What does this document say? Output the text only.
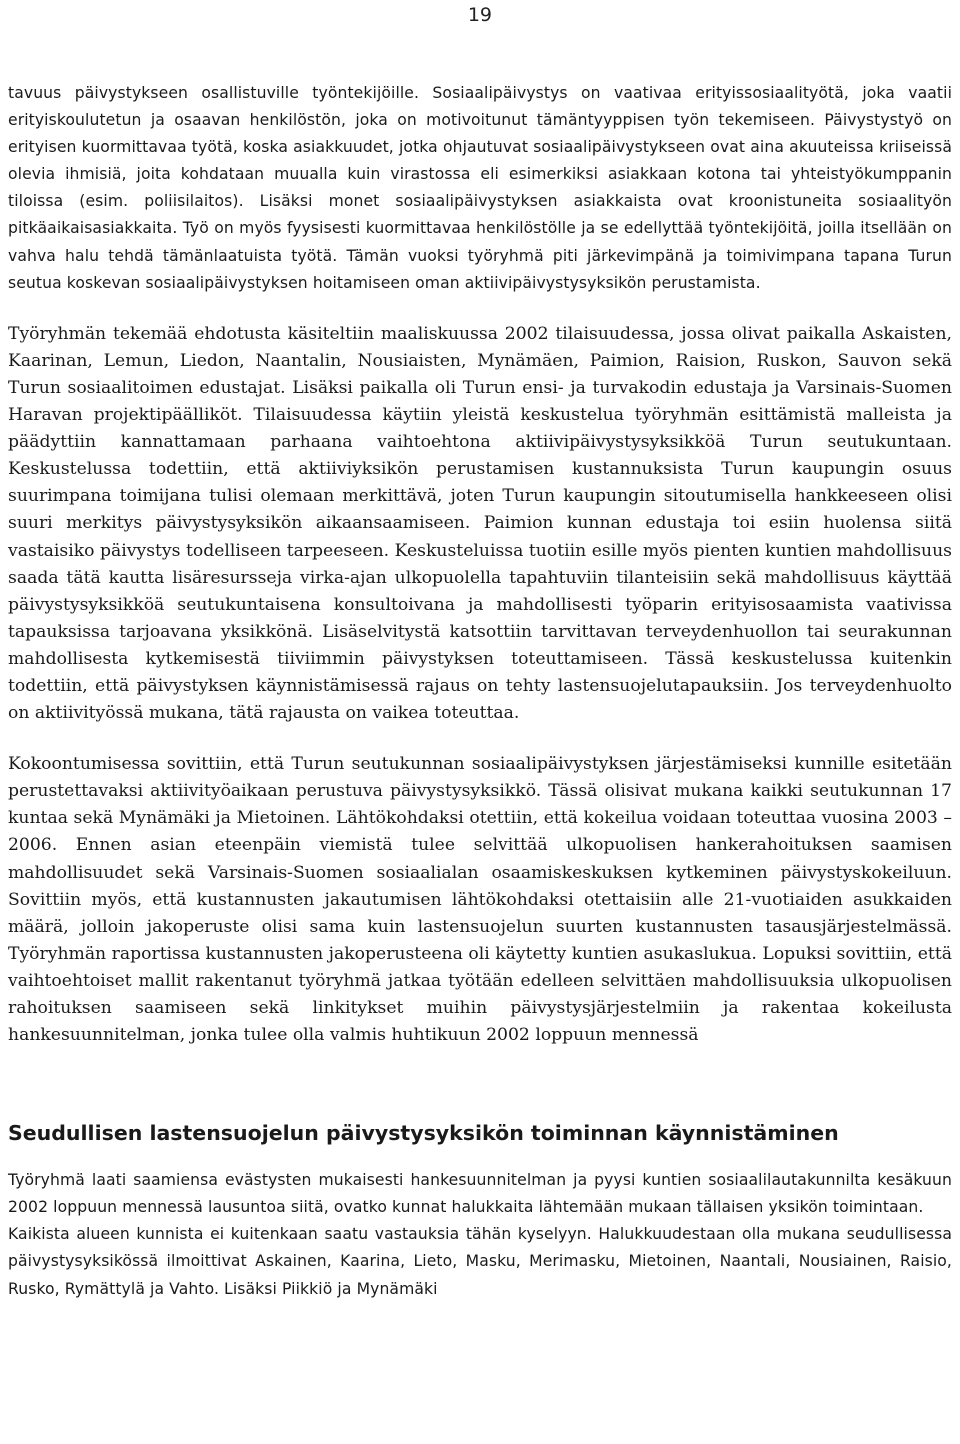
19

tavuus päivystykseen osallistuville työntekijöille. Sosiaalipäivystys on vaativaa erityissosiaalityötä, joka vaatii erityiskoulutetun ja osaavan henkilöstön, joka on motivoitunut tämäntyyppisen työn tekemiseen. Päivystystyö on erityisen kuormittavaa työtä, koska asiakkuudet, jotka ohjautuvat sosiaalipäivystykseen ovat aina akuuteissa kriiseissä olevia ihmisiä, joita kohdataan muualla kuin virastossa eli esimerkiksi asiakkaan kotona tai yhteistyökumppanin tiloissa (esim. poliisilaitos). Lisäksi monet sosiaalipäivystyksen asiakkaista ovat kroonistuneita sosiaalityön pitkäaikaisasiakkaita. Työ on myös fyysisesti kuormittavaa henkilöstölle ja se edellyttää työntekijöitä, joilla itsellään on vahva halu tehdä tämänlaatuista työtä. Tämän vuoksi työryhmä piti järkevimpänä ja toimivimpana tapana Turun seutua koskevan sosiaalipäivystyksen hoitamiseen oman aktiivipäivystysyksikön perustamista.

Työryhmän tekemää ehdotusta käsiteltiin maaliskuussa 2002 tilaisuudessa, jossa olivat paikalla Askaisten, Kaarinan, Lemun, Liedon, Naantalin, Nousiaisten, Mynämäen, Paimion, Raision, Ruskon, Sauvon sekä Turun sosiaalitoimen edustajat. Lisäksi paikalla oli Turun ensi- ja turvakodin edustaja ja Varsinais-Suomen Haravan projektipäälliköt. Tilaisuudessa käytiin yleistä keskustelua työryhmän esittämistä malleista ja päädyttiin kannattamaan parhaana vaihtoehtona aktiivipäivystysyksikköä Turun seutukuntaan. Keskustelussa todettiin, että aktiiviyksikön perustamisen kustannuksista Turun kaupungin osuus suurimpana toimijana tulisi olemaan merkittävä, joten Turun kaupungin sitoutumisella hankkeeseen olisi suuri merkitys päivystysyksikön aikaansaamiseen. Paimion kunnan edustaja toi esiin huolensa siitä vastaisiko päivystys todelliseen tarpeeseen. Keskusteluissa tuotiin esille myös pienten kuntien mahdollisuus saada tätä kautta lisäresursseja virka-ajan ulkopuolella tapahtuviin tilanteisiin sekä mahdollisuus käyttää päivystysyksikköä seutukuntaisena konsultoivana ja mahdollisesti työparin erityisosaamista vaativissa tapauksissa tarjoavana yksikkönä. Lisäselvitystä katsottiin tarvittavan terveydenhuollon tai seurakunnan mahdollisesta kytkemisestä tiiviimmin päivystyksen toteuttamiseen. Tässä keskustelussa kuitenkin todettiin, että päivystyksen käynnistämisessä rajaus on tehty lastensuojelutapauksiin. Jos terveydenhuolto on aktiivityössä mukana, tätä rajausta on vaikea toteuttaa.

Kokoontumisessa sovittiin, että Turun seutukunnan sosiaalipäivystyksen järjestämiseksi kunnille esitetään perustettavaksi aktiivityöaikaan perustuva päivystysyksikkö. Tässä olisivat mukana kaikki seutukunnan 17 kuntaa sekä Mynämäki ja Mietoinen. Lähtökohdaksi otettiin, että kokeilua voidaan toteuttaa vuosina 2003 – 2006. Ennen asian eteenpäin viemistä tulee selvittää ulkopuolisen hankerahoituksen saamisen mahdollisuudet sekä Varsinais-Suomen sosiaalialan osaamiskeskuksen kytkeminen päivystyskokeiluun. Sovittiin myös, että kustannusten jakautumisen lähtökohdaksi otettaisiin alle 21-vuotiaiden asukkaiden määrä, jolloin jakoperuste olisi sama kuin lastensuojelun suurten kustannusten tasausjärjestelmässä. Työryhmän raportissa kustannusten jakoperusteena oli käytetty kuntien asukaslukua. Lopuksi sovittiin, että vaihtoehtoiset mallit rakentanut työryhmä jatkaa työtään edelleen selvittäen mahdollisuuksia ulkopuolisen rahoituksen saamiseen sekä linkitykset muihin päivystysjärjestelmiin ja rakentaa kokeilusta hankesuunnitelman, jonka tulee olla valmis huhtikuun 2002 loppuun mennessä

Seudullisen lastensuojelun päivystysyksikön toiminnan käynnistäminen

Työryhmä laati saamiensa evästysten mukaisesti hankesuunnitelman ja pyysi kuntien sosiaalilautakunnilta kesäkuun 2002 loppuun mennessä lausuntoa siitä, ovatko kunnat halukkaita lähtemään mukaan tällaisen yksikön toimintaan.

Kaikista alueen kunnista ei kuitenkaan saatu vastauksia tähän kyselyyn. Halukkuudestaan olla mukana seudullisessa päivystysyksikössä ilmoittivat Askainen, Kaarina, Lieto, Masku, Merimasku, Mietoinen, Naantali, Nousiainen, Raisio, Rusko, Rymättylä ja Vahto. Lisäksi Piikkiö ja Mynämäki
